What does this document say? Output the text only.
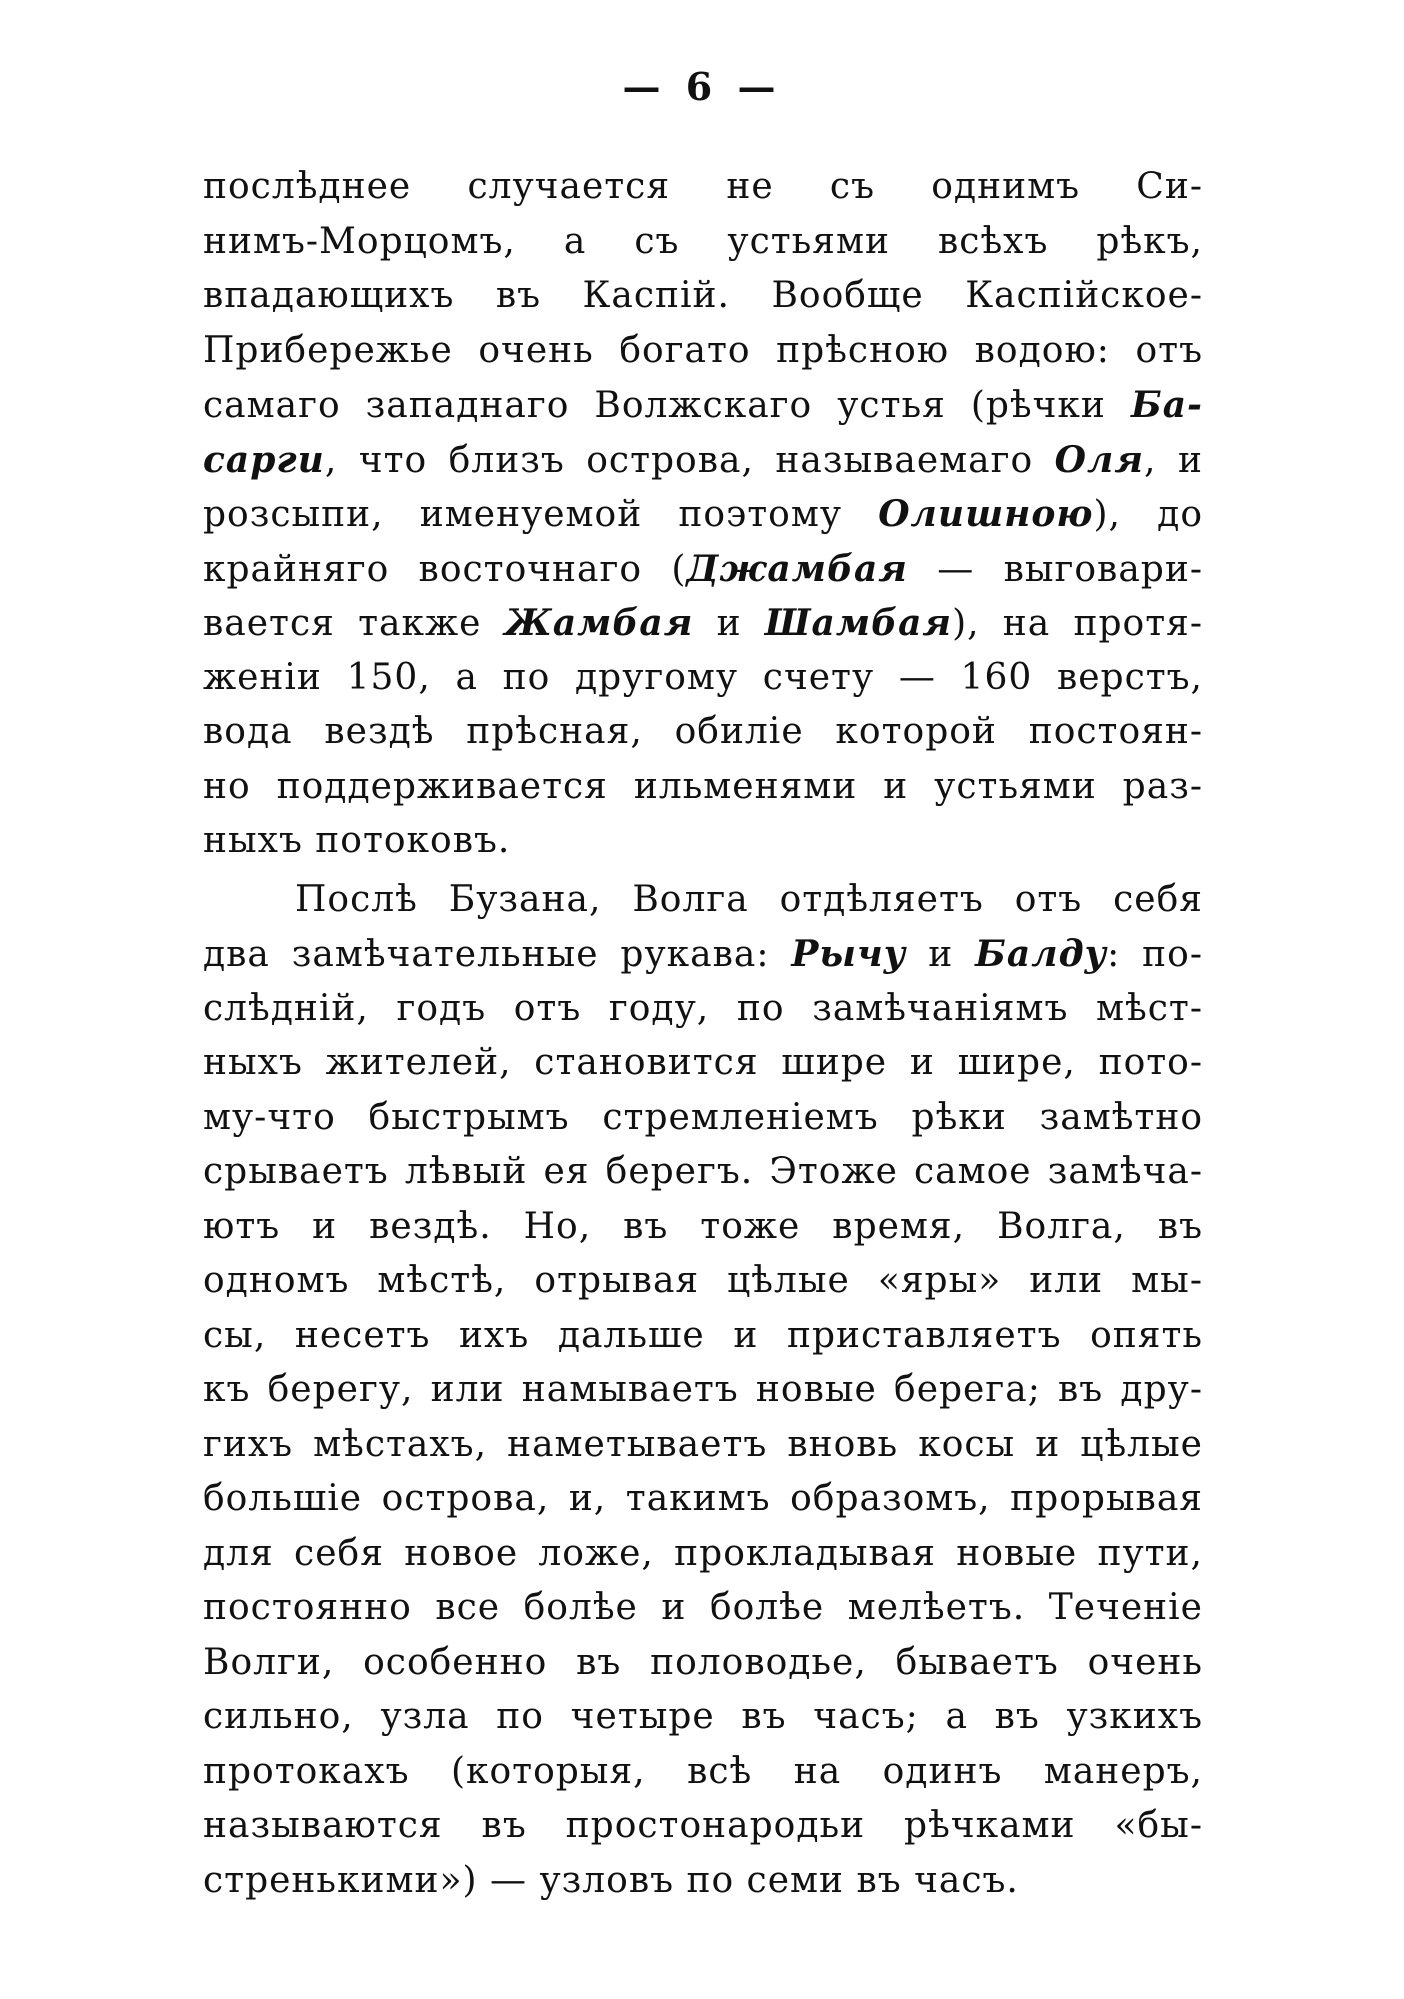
— 6 —
послѣднее случается не съ однимъ Си-
нимъ-Морцомъ, а съ устьями всѣхъ рѣкъ,
впадающихъ въ Каспій. Вообще Каспійское-
Прибережье очень богато прѣсною водою: отъ
самаго западнаго Волжскаго устья (рѣчки Ба-
сарги, что близъ острова, называемаго Оля, и
розсыпи, именуемой поэтому Олишною), до
крайняго восточнаго (Джамбая — выговари-
вается также Жамбая и Шамбая), на протя-
женіи 150, а по другому счету — 160 верстъ,
вода вездѣ прѣсная, обиліе которой постоян-
но поддерживается ильменями и устьями раз-
ныхъ потоковъ.
Послѣ Бузана, Волга отдѣляетъ отъ себя
два замѣчательные рукава: Рычу и Балду: по-
слѣдній, годъ отъ году, по замѣчаніямъ мѣст-
ныхъ жителей, становится шире и шире, пото-
му-что быстрымъ стремленіемъ рѣки замѣтно
срываетъ лѣвый ея берегъ. Этоже самое замѣча-
ютъ и вездѣ. Но, въ тоже время, Волга, въ
одномъ мѣстѣ, отрывая цѣлые «яры» или мы-
сы, несетъ ихъ дальше и приставляетъ опять
къ берегу, или намываетъ новые берега; въ дру-
гихъ мѣстахъ, наметываетъ вновь косы и цѣлые
большіе острова, и, такимъ образомъ, прорывая
для себя новое ложе, прокладывая новые пути,
постоянно все болѣе и болѣе мелѣетъ. Теченіе
Волги, особенно въ половодье, бываетъ очень
сильно, узла по четыре въ часъ; а въ узкихъ
протокахъ (которыя, всѣ на одинъ манеръ,
называются въ простонародьи рѣчками «бы-
стренькими») — узловъ по семи въ часъ.
